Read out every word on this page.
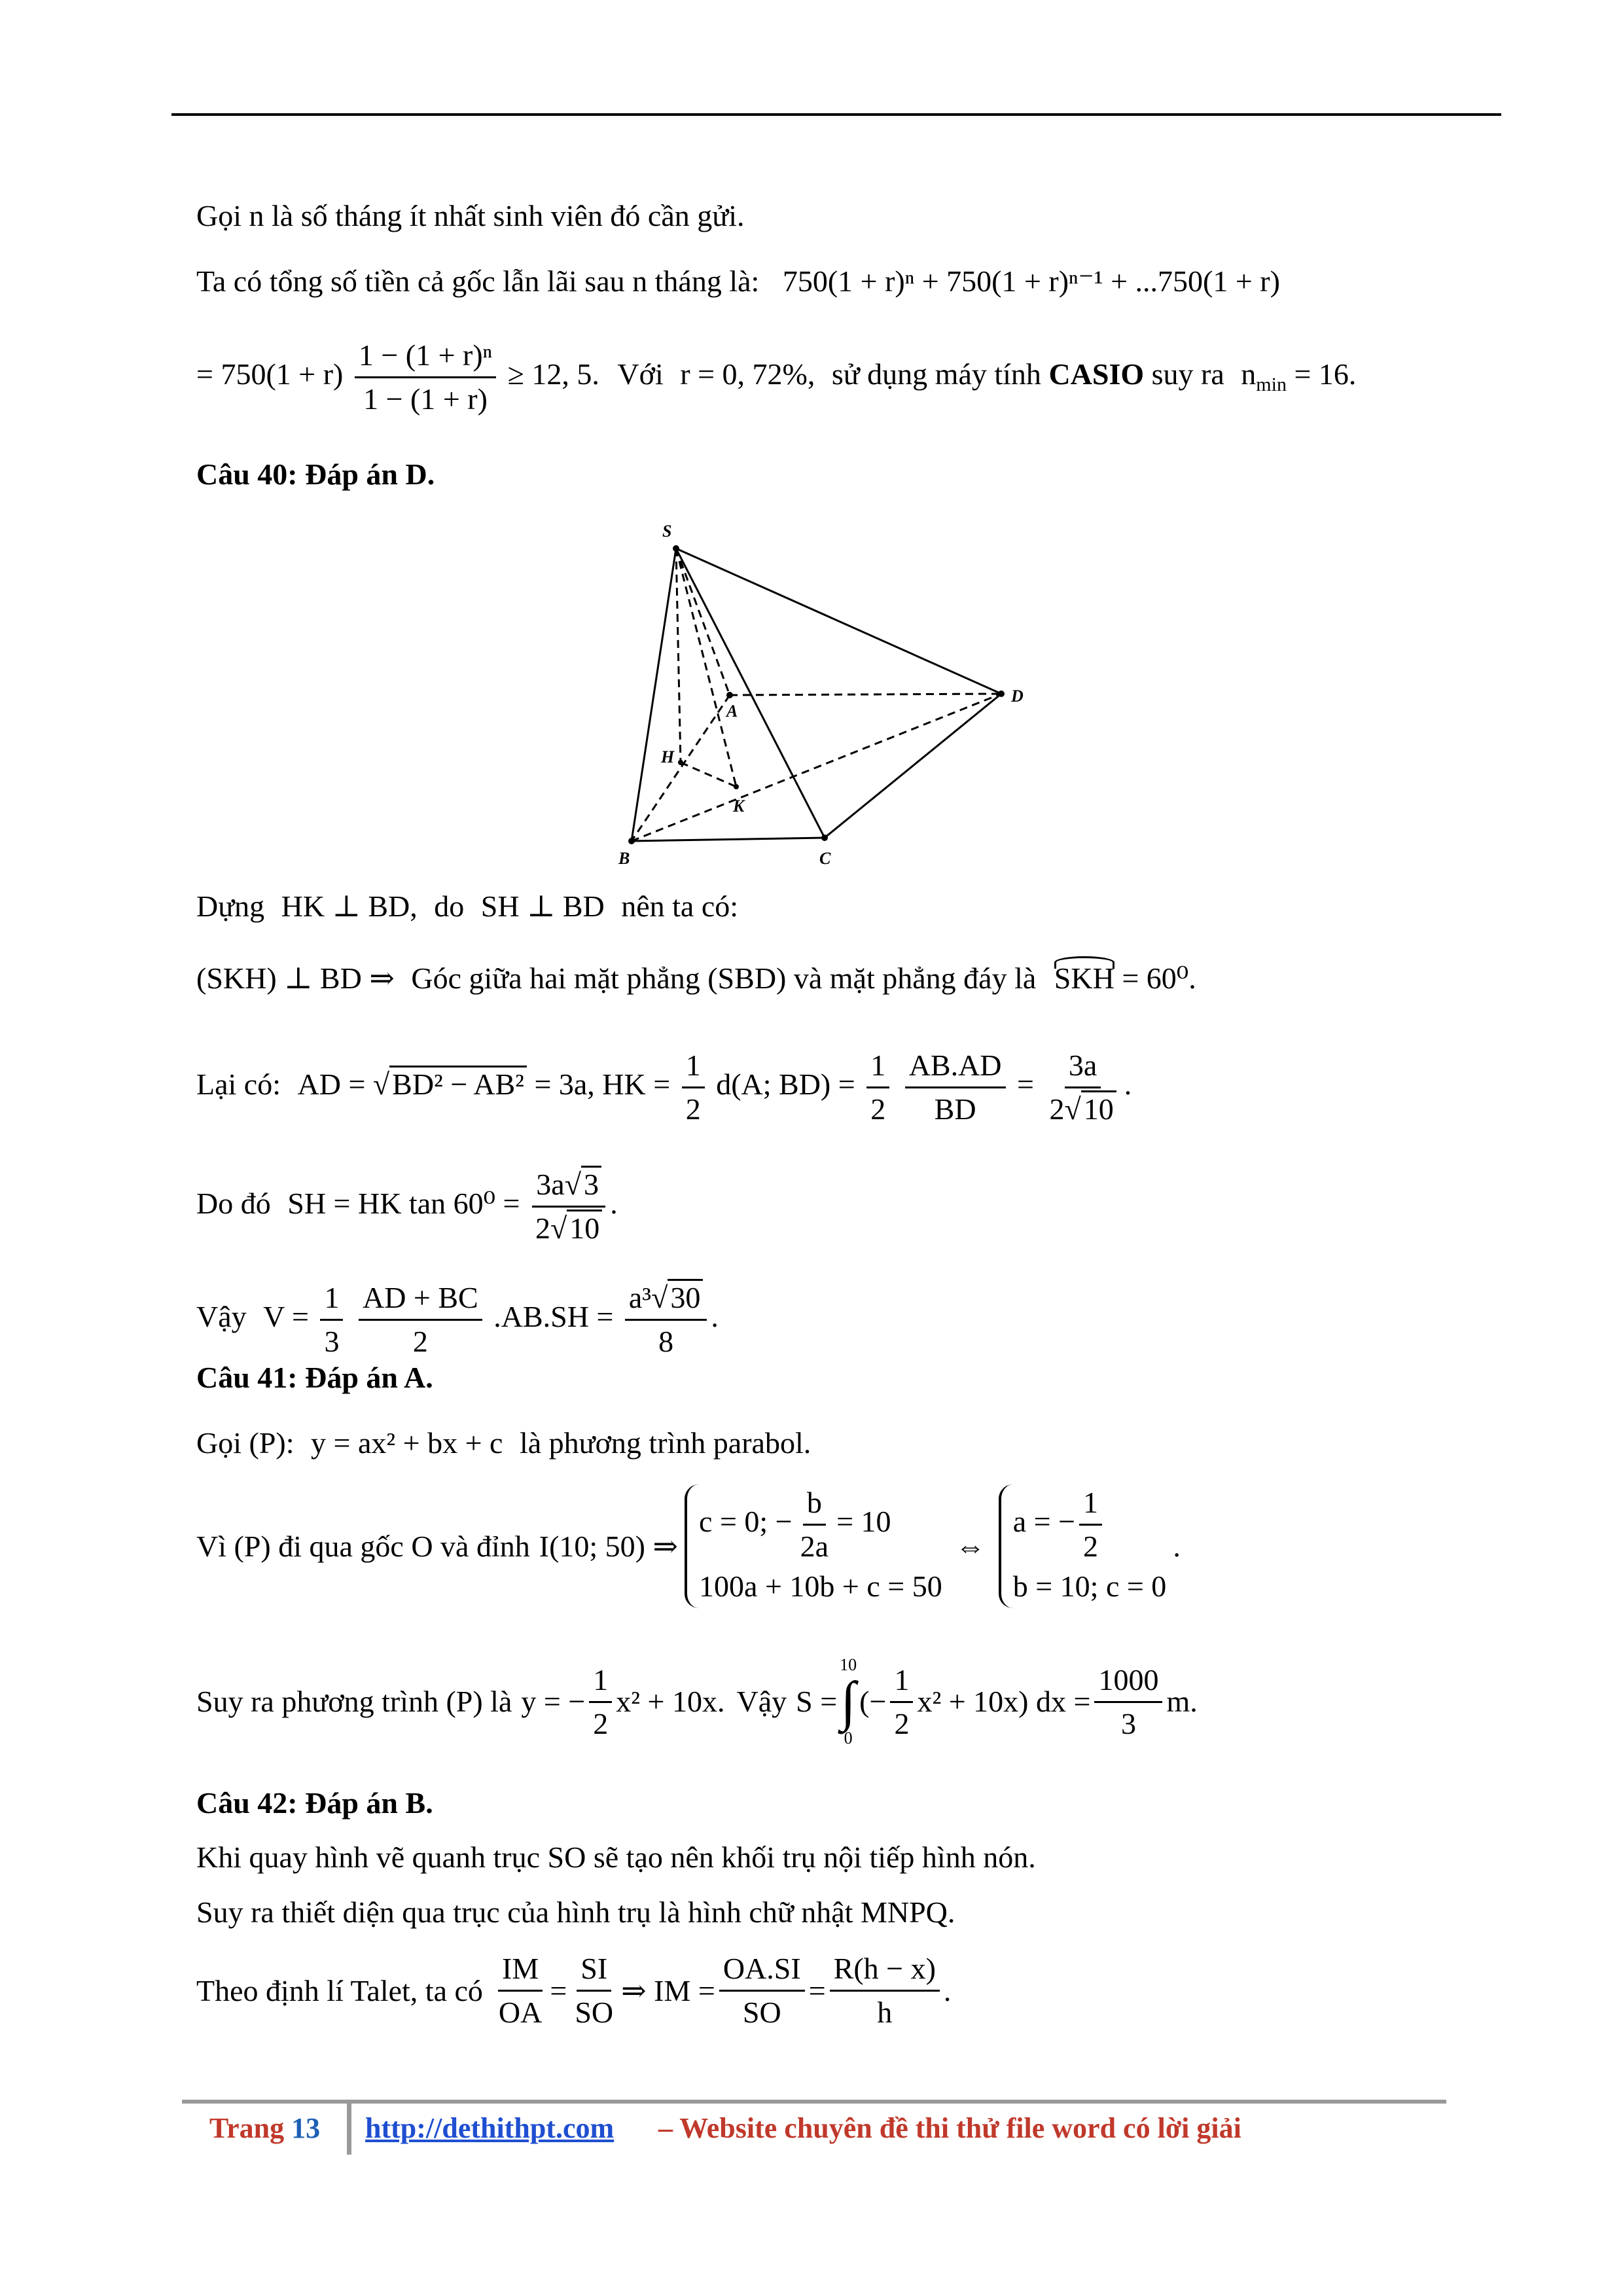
Gọi n là số tháng ít nhất sinh viên đó cần gửi.
Ta có tổng số tiền cả gốc lẫn lãi sau n tháng là: 750(1 + r)ⁿ + 750(1 + r)ⁿ⁻¹ + ...750(1 + r)
= $750(1 + r) \frac{\text{1 − (1 + r)ⁿ}}{1 - (1 + r)} \ge 12$, 5. Với r = 0, 72%, sử dụng máy tính CASIO suy ra $n_{min} = 16$.
Câu 40: Đáp án D.
S
A
B	C
D
H
K
Dựng HK ⊥ BD, do SH ⊥ BD nên ta có:
(SKH) ⊥ BD ⇒ Góc giữa hai mặt phẳng (SBD) và mặt phẳng đáy là SKH = 60⁰.
Lại có: AD = √BD² − AB² = 3a, HK = $\frac{1}{2} d(A$; $BD) = \frac{1}{2}$
$\frac{AB.AD}{BD} = \frac{3a}{2√10}$ .
Do đó SH = HK $\tan 60^0 = \frac{3a√3}{2√10}$ .
Vậy $V = \frac{1}{3}$
$\frac{AD + BC}{2} .AB.SH = \frac{\text{a³√30}}{8}$ .
Câu 41: Đáp án A.
Gọi (P): y = ax² + bx + c là phương trình parabol.
Vì (P) đi qua gốc O và đỉnh I(10; 50) ⇒
c = 0; − $\frac{b}{2a} = 10$
100a + 10b + c = 50
⇔
a = − $\frac{1}{2}$
b = 10; c = 0
.
Suy ra phương trình (P) là y = − $\frac{1}{2} x^2 + 10x$. Vậy S =
10
∫
0
(− $\frac{1}{2} x^2 + 10x$) dx = $\frac{1000}{3} m$.
Câu 42: Đáp án B.
Khi quay hình vẽ quanh trục SO sẽ tạo nên khối trụ nội tiếp hình nón.
Suy ra thiết diện qua trục của hình trụ là hình chữ nhật MNPQ.
Theo định lí Talet, ta có $\frac{IM}{OA} = \frac{SI}{SO}$ ⇒ IM = $\frac{OA.SI}{SO} = \frac{R(h - x)}{h}$ .
Trang 13 http://dethithpt.com – Website chuyên đề thi thử file word có lời giải
